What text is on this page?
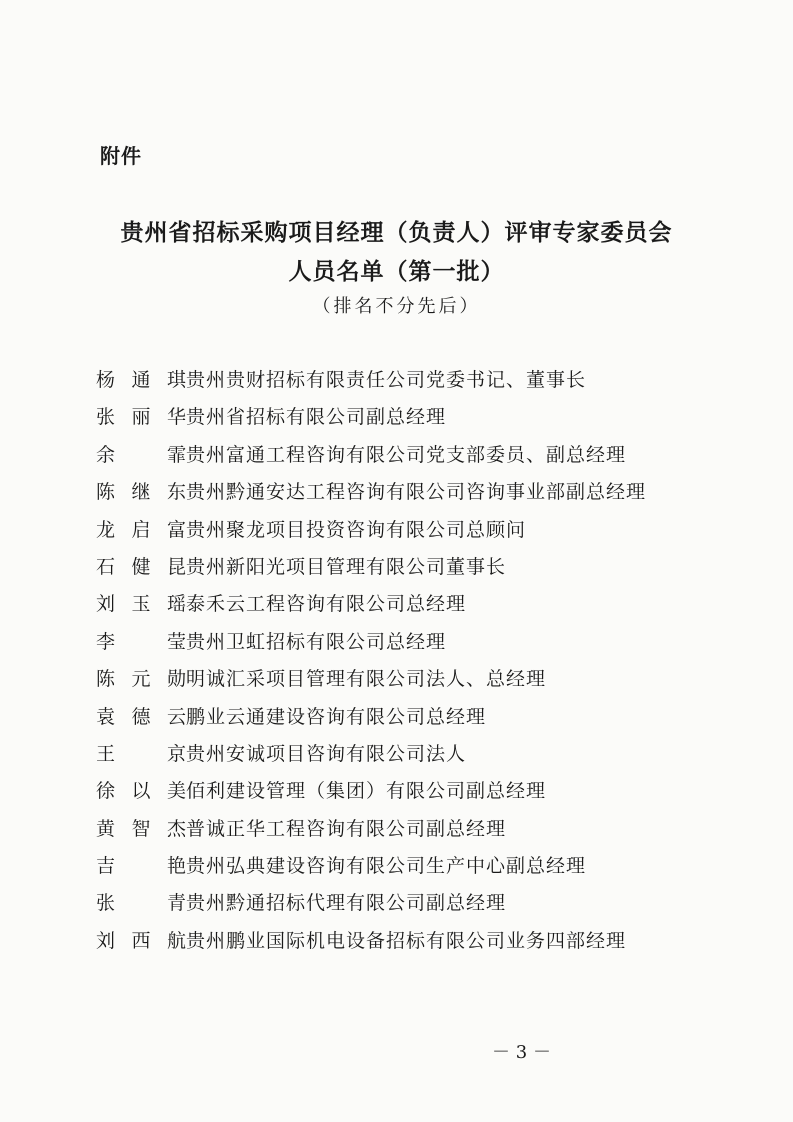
附件
贵州省招标采购项目经理（负责人）评审专家委员会
人员名单（第一批）
（排名不分先后）
杨通琪 贵州贵财招标有限责任公司党委书记、董事长
张丽华 贵州省招标有限公司副总经理
余　霏 贵州富通工程咨询有限公司党支部委员、副总经理
陈继东 贵州黔通安达工程咨询有限公司咨询事业部副总经理
龙启富 贵州聚龙项目投资咨询有限公司总顾问
石健昆 贵州新阳光项目管理有限公司董事长
刘玉瑶 泰禾云工程咨询有限公司总经理
李　莹 贵州卫虹招标有限公司总经理
陈元勋 明诚汇采项目管理有限公司法人、总经理
袁德云 鹏业云通建设咨询有限公司总经理
王　京 贵州安诚项目咨询有限公司法人
徐以美 佰利建设管理（集团）有限公司副总经理
黄智杰 普诚正华工程咨询有限公司副总经理
吉　艳 贵州弘典建设咨询有限公司生产中心副总经理
张　青 贵州黔通招标代理有限公司副总经理
刘西航 贵州鹏业国际机电设备招标有限公司业务四部经理
－ 3 －
